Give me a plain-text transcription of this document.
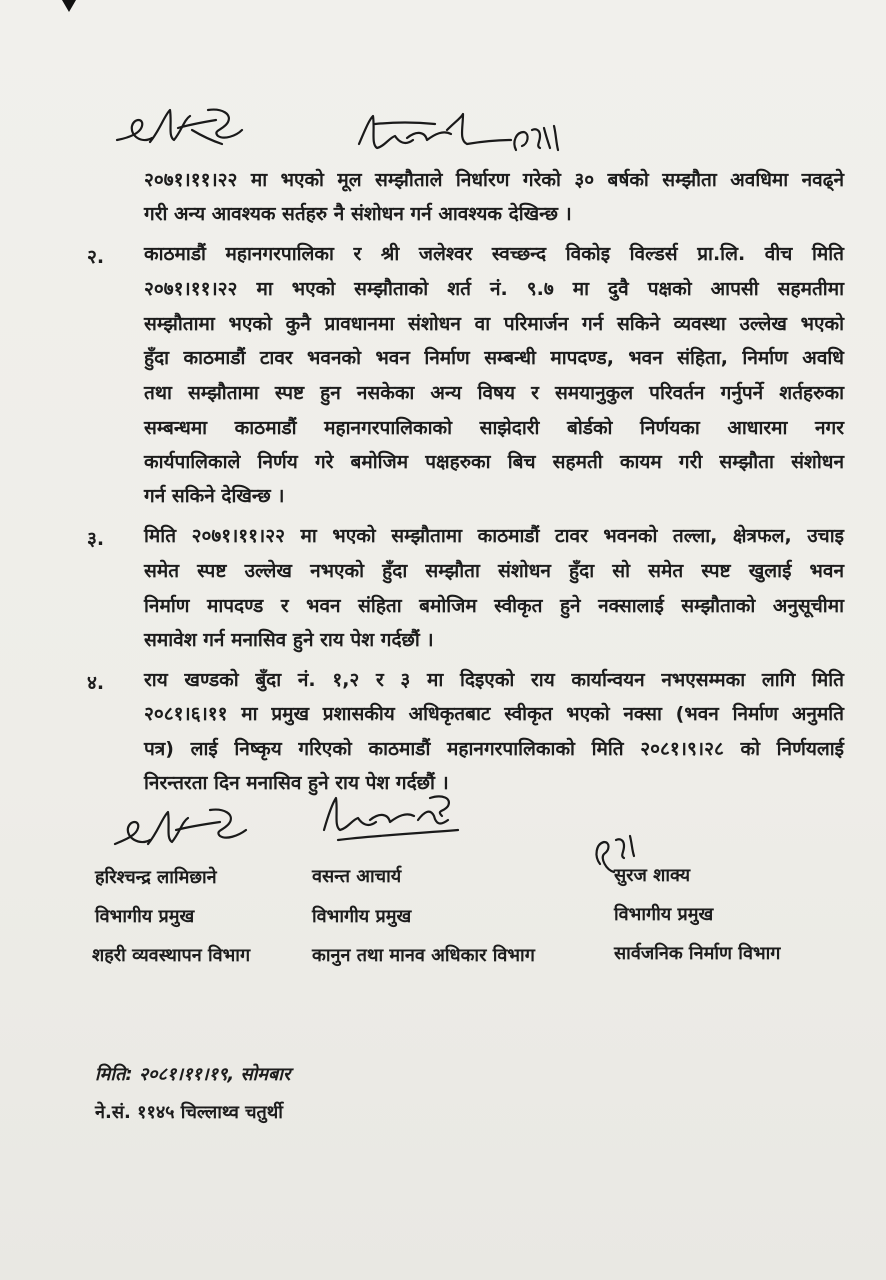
२०७१।११।२२ मा भएको मूल सम्झौताले निर्धारण गरेको ३० बर्षको सम्झौता अवधिमा नवढ्ने
गरी अन्य आवश्यक सर्तहरु नै संशोधन गर्न आवश्यक देखिन्छ ।
२. काठमाडौं महानगरपालिका र श्री जलेश्वर स्वच्छन्द विकोइ विल्डर्स प्रा.लि. वीच मिति
२०७१।११।२२ मा भएको सम्झौताको शर्त नं. ९.७ मा दुवै पक्षको आपसी सहमतीमा
सम्झौतामा भएको कुनै प्रावधानमा संशोधन वा परिमार्जन गर्न सकिने व्यवस्था उल्लेख भएको
हुँदा काठमाडौं टावर भवनको भवन निर्माण सम्बन्धी मापदण्ड, भवन संहिता, निर्माण अवधि
तथा सम्झौतामा स्पष्ट हुन नसकेका अन्य विषय र समयानुकुल परिवर्तन गर्नुपर्ने शर्तहरुका
सम्बन्धमा काठमाडौं महानगरपालिकाको साझेदारी बोर्डको निर्णयका आधारमा नगर
कार्यपालिकाले निर्णय गरे बमोजिम पक्षहरुका बिच सहमती कायम गरी सम्झौता संशोधन
गर्न सकिने देखिन्छ ।
३. मिति २०७१।११।२२ मा भएको सम्झौतामा काठमाडौं टावर भवनको तल्ला, क्षेत्रफल, उचाइ
समेत स्पष्ट उल्लेख नभएको हुँदा सम्झौता संशोधन हुँदा सो समेत स्पष्ट खुलाई भवन
निर्माण मापदण्ड र भवन संहिता बमोजिम स्वीकृत हुने नक्सालाई सम्झौताको अनुसूचीमा
समावेश गर्न मनासिव हुने राय पेश गर्दछौं ।
४. राय खण्डको बुँदा नं. १,२ र ३ मा दिइएको राय कार्यान्वयन नभएसम्मका लागि मिति
२०८१।६।११ मा प्रमुख प्रशासकीय अधिकृतबाट स्वीकृत भएको नक्सा (भवन निर्माण अनुमति
पत्र) लाई निष्कृय गरिएको काठमाडौं महानगरपालिकाको मिति २०८१।९।२८ को निर्णयलाई
निरन्तरता दिन मनासिव हुने राय पेश गर्दछौं ।
हरिश्चन्द्र लामिछाने
विभागीय प्रमुख
शहरी व्यवस्थापन विभाग
वसन्त आचार्य
विभागीय प्रमुख
कानुन तथा मानव अधिकार विभाग
सुरज शाक्य
विभागीय प्रमुख
सार्वजनिक निर्माण विभाग
मिति: २०८१।११।१९, सोमबार
ने.सं. ११४५ चिल्लाथ्व चतुर्थी
